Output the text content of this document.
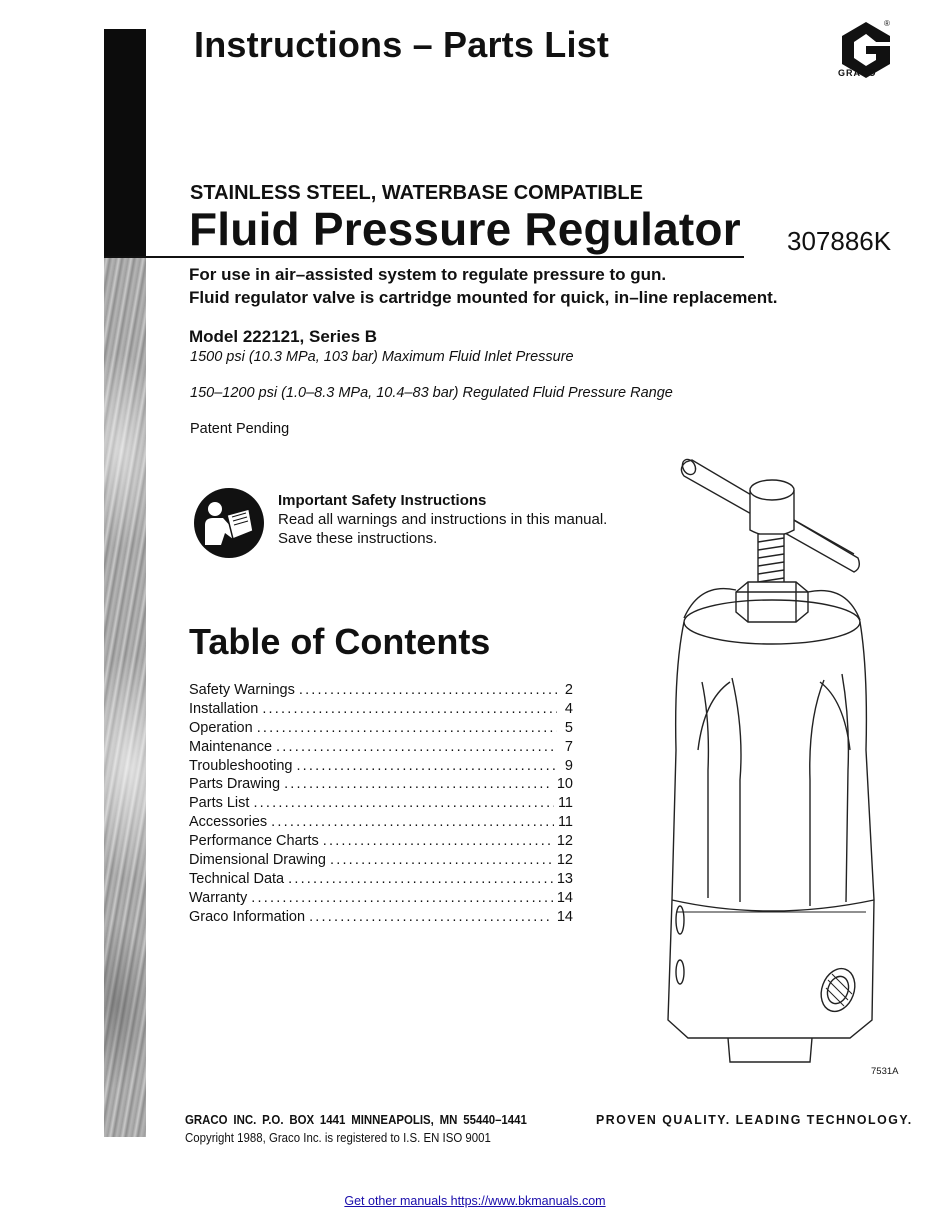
Instructions – Parts List
®
GRACO
STAINLESS STEEL, WATERBASE COMPATIBLE
Fluid Pressure Regulator 307886K
For use in air–assisted system to regulate pressure to gun.
Fluid regulator valve is cartridge mounted for quick, in–line replacement.
Model 222121, Series B
1500 psi (10.3 MPa, 103 bar) Maximum Fluid Inlet Pressure
150–1200 psi (1.0–8.3 MPa, 10.4–83 bar) Regulated Fluid Pressure Range
Patent Pending
Important Safety Instructions
Read all warnings and instructions in this manual.
Save these instructions.
Table of Contents
Safety Warnings .....	2
Installation .....	4
Operation .....	5
Maintenance .....	7
Troubleshooting .....	9
Parts Drawing .....	10
Parts List .....	11
Accessories .....	11
Performance Charts .....	12
Dimensional Drawing .....	12
Technical Data .....	13
Warranty .....	14
Graco Information .....	14
7531A
GRACO INC. P.O. BOX 1441 MINNEAPOLIS, MN 55440–1441	PROVEN QUALITY. LEADING TECHNOLOGY.
Copyright 1988, Graco Inc. is registered to I.S. EN ISO 9001
Get other manuals https://www.bkmanuals.com
